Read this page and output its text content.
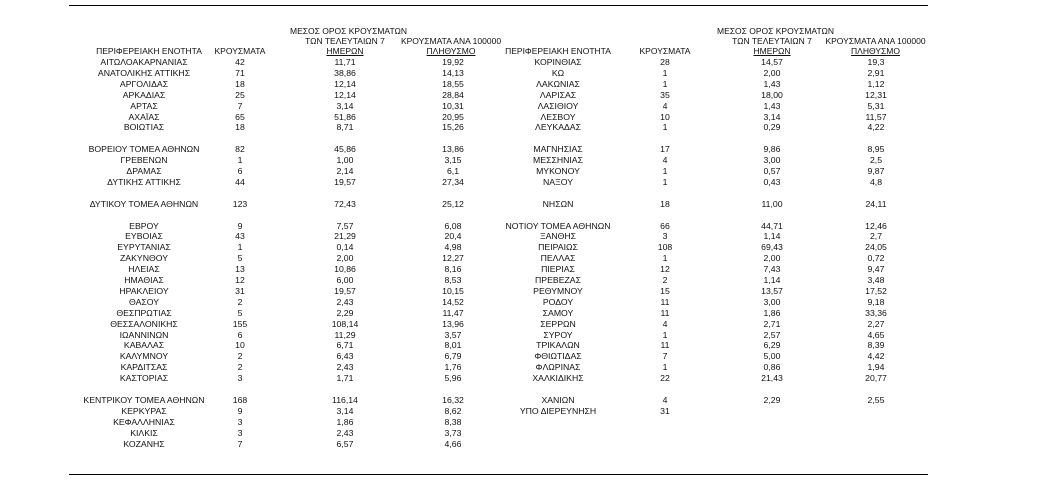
ΠΕΡΙΦΕΡΕΙΑΚΗ ΕΝΟΤΗΤΑ	ΚΡΟΥΣΜΑΤΑ
ΜΕΣΟΣ ΟΡΟΣ ΚΡΟΥΣΜΑΤΩΝ
ΤΩΝ ΤΕΛΕΥΤΑΙΩΝ 7
ΗΜΕΡΩΝ
ΚΡΟΥΣΜΑΤΑ ΑΝΑ 100000
ΠΛΗΘΥΣΜΟ	ΠΕΡΙΦΕΡΕΙΑΚΗ ΕΝΟΤΗΤΑ	ΚΡΟΥΣΜΑΤΑ
ΜΕΣΟΣ ΟΡΟΣ ΚΡΟΥΣΜΑΤΩΝ
ΤΩΝ ΤΕΛΕΥΤΑΙΩΝ 7
ΗΜΕΡΩΝ
ΚΡΟΥΣΜΑΤΑ ΑΝΑ 100000
ΠΛΗΘΥΣΜΟ
ΑΙΤΩΛΟΑΚΑΡΝΑΝΙΑΣ	42	11,71	19,92
ΑΝΑΤΟΛΙΚΗΣ ΑΤΤΙΚΗΣ	71	38,86	14,13
ΑΡΓΟΛΙΔΑΣ	18	12,14	18,55
ΑΡΚΑΔΙΑΣ	25	12,14	28,84
ΑΡΤΑΣ	7	3,14	10,31
ΑΧΑΪΑΣ	65	51,86	20,95
ΒΟΙΩΤΙΑΣ	18	8,71	15,26
ΒΟΡΕΙΟΥ ΤΟΜΕΑ ΑΘΗΝΩΝ	82	45,86	13,86
ΓΡΕΒΕΝΩΝ	1	1,00	3,15
ΔΡΑΜΑΣ	6	2,14	6,1
ΔΥΤΙΚΗΣ ΑΤΤΙΚΗΣ	44	19,57	27,34
ΔΥΤΙΚΟΥ ΤΟΜΕΑ ΑΘΗΝΩΝ	123	72,43	25,12
ΕΒΡΟΥ	9	7,57	6,08
ΕΥΒΟΙΑΣ	43	21,29	20,4
ΕΥΡΥΤΑΝΙΑΣ	1	0,14	4,98
ΖΑΚΥΝΘΟΥ	5	2,00	12,27
ΗΛΕΙΑΣ	13	10,86	8,16
ΗΜΑΘΙΑΣ	12	6,00	8,53
ΗΡΑΚΛΕΙΟΥ	31	19,57	10,15
ΘΑΣΟΥ	2	2,43	14,52
ΘΕΣΠΡΩΤΙΑΣ	5	2,29	11,47
ΘΕΣΣΑΛΟΝΙΚΗΣ	155	108,14	13,96
ΙΩΑΝΝΙΝΩΝ	6	11,29	3,57
ΚΑΒΑΛΑΣ	10	6,71	8,01
ΚΑΛΥΜΝΟΥ	2	6,43	6,79
ΚΑΡΔΙΤΣΑΣ	2	2,43	1,76
ΚΑΣΤΟΡΙΑΣ	3	1,71	5,96
ΚΕΝΤΡΙΚΟΥ ΤΟΜΕΑ ΑΘΗΝΩΝ	168	116,14	16,32
ΚΕΡΚΥΡΑΣ	9	3,14	8,62
ΚΕΦΑΛΛΗΝΙΑΣ	3	1,86	8,38
ΚΙΛΚΙΣ	3	2,43	3,73
ΚΟΖΑΝΗΣ	7	6,57	4,66
ΚΟΡΙΝΘΙΑΣ	28	14,57	19,3
ΚΩ	1	2,00	2,91
ΛΑΚΩΝΙΑΣ	1	1,43	1,12
ΛΑΡΙΣΑΣ	35	18,00	12,31
ΛΑΣΙΘΙΟΥ	4	1,43	5,31
ΛΕΣΒΟΥ	10	3,14	11,57
ΛΕΥΚΑΔΑΣ	1	0,29	4,22
ΜΑΓΝΗΣΙΑΣ	17	9,86	8,95
ΜΕΣΣΗΝΙΑΣ	4	3,00	2,5
ΜΥΚΟΝΟΥ	1	0,57	9,87
ΝΑΞΟΥ	1	0,43	4,8
ΝΗΣΩΝ	18	11,00	24,11
ΝΟΤΙΟΥ ΤΟΜΕΑ ΑΘΗΝΩΝ	66	44,71	12,46
ΞΑΝΘΗΣ	3	1,14	2,7
ΠΕΙΡΑΙΩΣ	108	69,43	24,05
ΠΕΛΛΑΣ	1	2,00	0,72
ΠΙΕΡΙΑΣ	12	7,43	9,47
ΠΡΕΒΕΖΑΣ	2	1,14	3,48
ΡΕΘΥΜΝΟΥ	15	13,57	17,52
ΡΟΔΟΥ	11	3,00	9,18
ΣΑΜΟΥ	11	1,86	33,36
ΣΕΡΡΩΝ	4	2,71	2,27
ΣΥΡΟΥ	1	2,57	4,65
ΤΡΙΚΑΛΩΝ	11	6,29	8,39
ΦΘΙΩΤΙΔΑΣ	7	5,00	4,42
ΦΛΩΡΙΝΑΣ	1	0,86	1,94
ΧΑΛΚΙΔΙΚΗΣ	22	21,43	20,77
ΧΑΝΙΩΝ	4	2,29	2,55
ΥΠΟ ΔΙΕΡΕΥΝΗΣΗ	31
